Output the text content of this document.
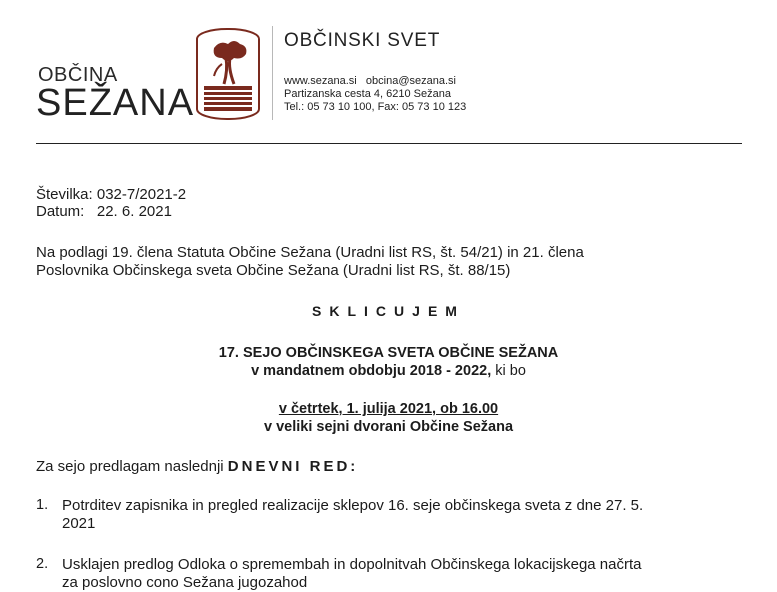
OBČINA
SEŽANA
OBČINSKI SVET
www.sezana.si   obcina@sezana.si
Partizanska cesta 4, 6210 Sežana
Tel.: 05 73 10 100, Fax: 05 73 10 123
Številka: 032-7/2021-2
Datum: 22. 6. 2021
Na podlagi 19. člena Statuta Občine Sežana (Uradni list RS, št. 54/21) in 21. člena
Poslovnika Občinskega sveta Občine Sežana (Uradni list RS, št. 88/15)
SKLICUJEM
17. SEJO OBČINSKEGA SVETA OBČINE SEŽANA
v mandatnem obdobju 2018 - 2022, ki bo
v četrtek, 1. julija 2021, ob 16.00
v veliki sejni dvorani Občine Sežana
Za sejo predlagam naslednji DNEVNI RED:
1. Potrditev zapisnika in pregled realizacije sklepov 16. seje občinskega sveta z dne 27. 5.
2021
2. Usklajen predlog Odloka o spremembah in dopolnitvah Občinskega lokacijskega načrta
za poslovno cono Sežana jugozahod
